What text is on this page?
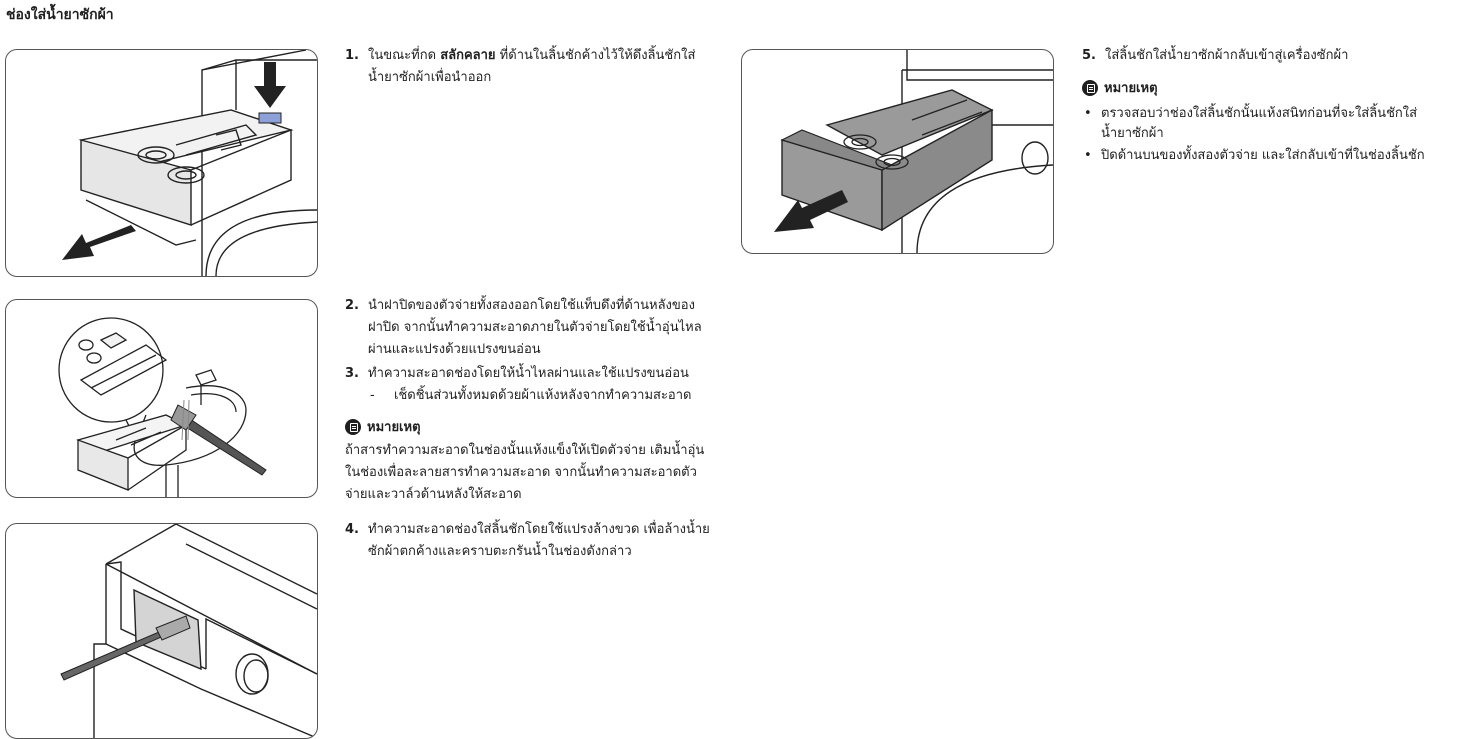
ช่องใส่น้ำยาซักผ้า
1. ในขณะที่กด สลักคลาย ที่ด้านในลิ้นชักค้างไว้ให้ดึงลิ้นชักใส่
น้ำยาซักผ้าเพื่อนำออก
2. นำฝาปิดของตัวจ่ายทั้งสองออกโดยใช้แท็บดึงที่ด้านหลังของ
ฝาปิด จากนั้นทำความสะอาดภายในตัวจ่ายโดยใช้น้ำอุ่นไหล
ผ่านและแปรงด้วยแปรงขนอ่อน
3. ทำความสะอาดช่องโดยให้น้ำไหลผ่านและใช้แปรงขนอ่อน
- เช็ดชิ้นส่วนทั้งหมดด้วยผ้าแห้งหลังจากทำความสะอาด
หมายเหตุ
ถ้าสารทำความสะอาดในช่องนั้นแห้งแข็งให้เปิดตัวจ่าย เติมน้ำอุ่น
ในช่องเพื่อละลายสารทำความสะอาด จากนั้นทำความสะอาดตัว
จ่ายและวาล์วด้านหลังให้สะอาด
4. ทำความสะอาดช่องใส่ลิ้นชักโดยใช้แปรงล้างขวด เพื่อล้างน้ำย
ซักผ้าตกค้างและคราบตะกรันน้ำในช่องดังกล่าว
5. ใส่ลิ้นชักใส่น้ำยาซักผ้ากลับเข้าสู่เครื่องซักผ้า
หมายเหตุ
• ตรวจสอบว่าช่องใส่ลิ้นชักนั้นแห้งสนิทก่อนที่จะใส่ลิ้นชักใส่
น้ำยาซักผ้า
• ปิดด้านบนของทั้งสองตัวจ่าย และใส่กลับเข้าที่ในช่องลิ้นชัก
